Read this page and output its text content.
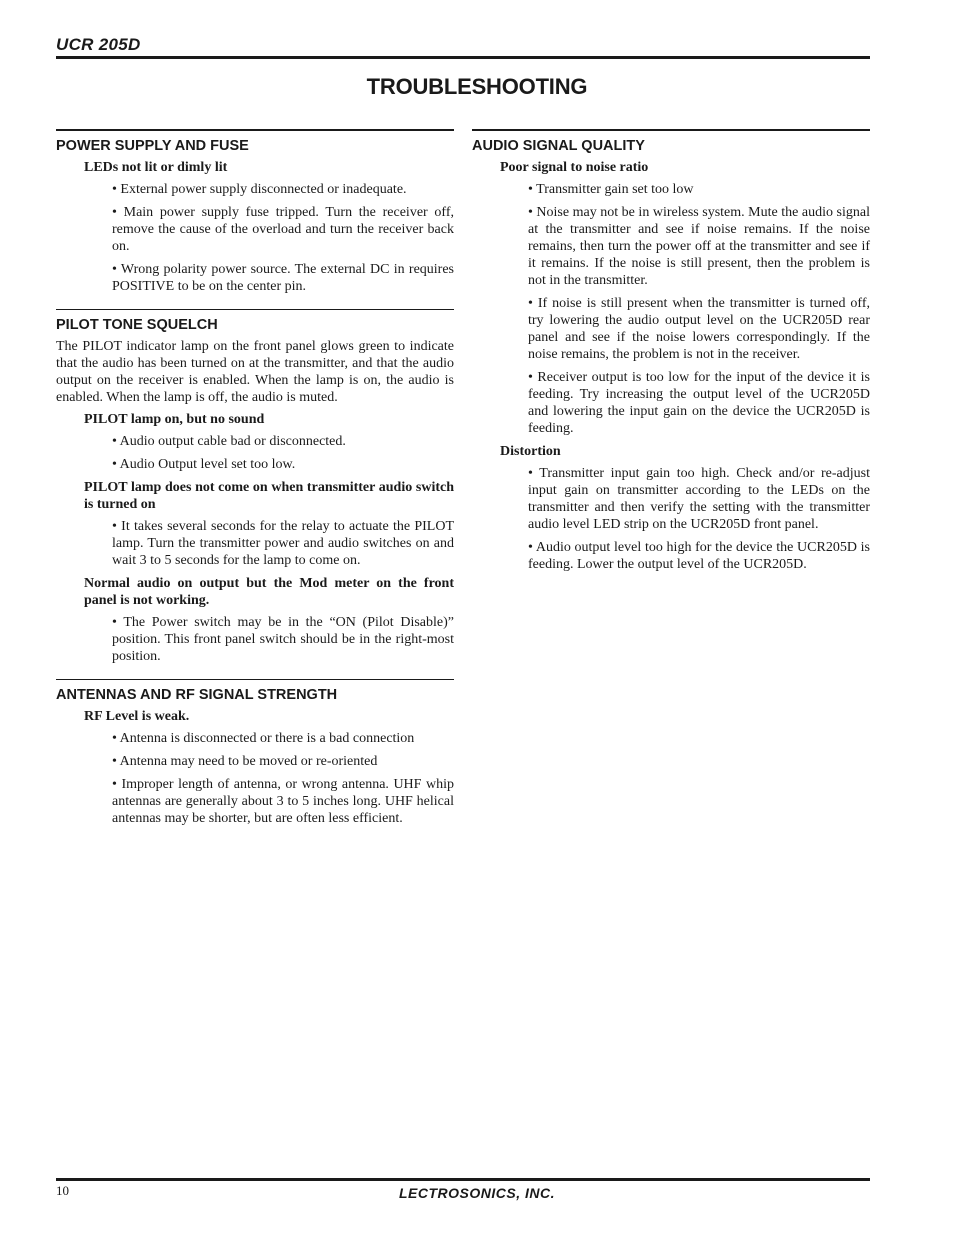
UCR 205D
TROUBLESHOOTING
POWER SUPPLY AND FUSE
LEDs not lit or dimly lit
• External power supply disconnected or inadequate.
• Main power supply fuse tripped. Turn the receiver off, remove the cause of the overload and turn the receiver back on.
• Wrong polarity power source. The external DC in requires POSITIVE to be on the center pin.
PILOT TONE SQUELCH
The PILOT indicator lamp on the front panel glows green to indicate that the audio has been turned on at the transmitter, and that the audio output on the receiver is enabled. When the lamp is on, the audio is enabled. When the lamp is off, the audio is muted.
PILOT lamp on, but no sound
• Audio output cable bad or disconnected.
• Audio Output level set too low.
PILOT lamp does not come on when transmitter audio switch is turned on
• It takes several seconds for the relay to actuate the PILOT lamp. Turn the transmitter power and audio switches on and wait 3 to 5 seconds for the lamp to come on.
Normal audio on output but the Mod meter on the front panel is not working.
• The Power switch may be in the “ON (Pilot Disable)” position. This front panel switch should be in the right-most position.
ANTENNAS AND RF SIGNAL STRENGTH
RF Level is weak.
• Antenna is disconnected or there is a bad connection
• Antenna may need to be moved or re-oriented
• Improper length of antenna, or wrong antenna. UHF whip antennas are generally about 3 to 5 inches long. UHF helical antennas may be shorter, but are often less efficient.
AUDIO SIGNAL QUALITY
Poor signal to noise ratio
• Transmitter gain set too low
• Noise may not be in wireless system. Mute the audio signal at the transmitter and see if noise remains. If the noise remains, then turn the power off at the transmitter and see if it remains. If the noise is still present, then the problem is not in the transmitter.
• If noise is still present when the transmitter is turned off, try lowering the audio output level on the UCR205D rear panel and see if the noise lowers correspondingly. If the noise remains, the problem is not in the receiver.
• Receiver output is too low for the input of the device it is feeding. Try increasing the output level of the UCR205D and lowering the input gain on the device the UCR205D is feeding.
Distortion
• Transmitter input gain too high. Check and/or re-adjust input gain on transmitter according to the LEDs on the transmitter and then verify the setting with the transmitter audio level LED strip on the UCR205D front panel.
• Audio output level too high for the device the UCR205D is feeding. Lower the output level of the UCR205D.
10	LECTROSONICS, INC.
